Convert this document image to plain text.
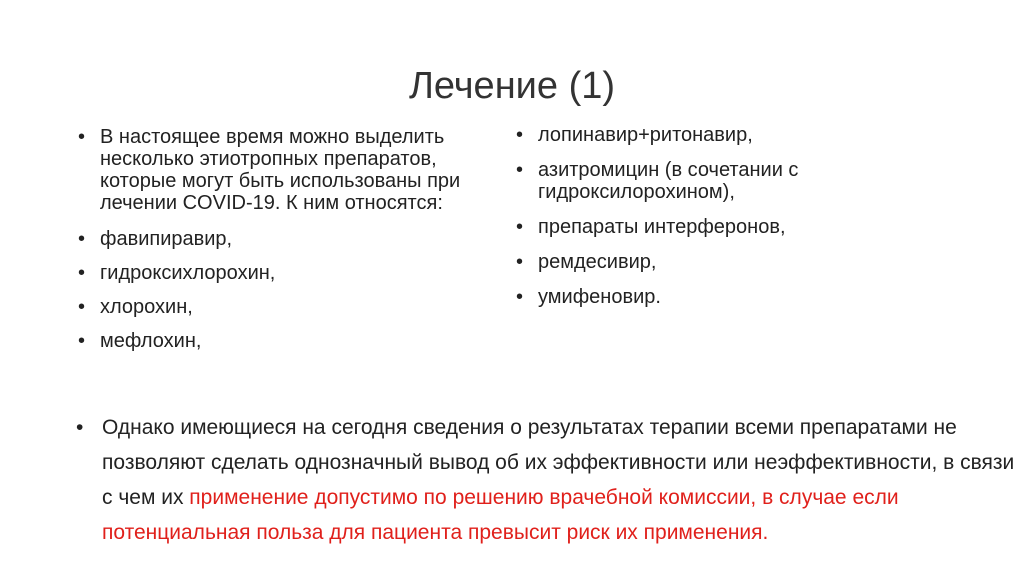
Лечение (1)
• В настоящее время можно выделить несколько этиотропных препаратов, которые могут быть использованы при лечении COVID-19. К ним относятся:
• фавипиравир,
• гидроксихлорохин,
• хлорохин,
• мефлохин,
• лопинавир+ритонавир,
• азитромицин (в сочетании с гидроксилорохином),
• препараты интерферонов,
• ремдесивир,
• умифеновир.
• Однако имеющиеся на сегодня сведения о результатах терапии всеми препаратами не позволяют сделать однозначный вывод об их эффективности или неэффективности, в связи с чем их применение допустимо по решению врачебной комиссии, в случае если потенциальная польза для пациента превысит риск их применения.
